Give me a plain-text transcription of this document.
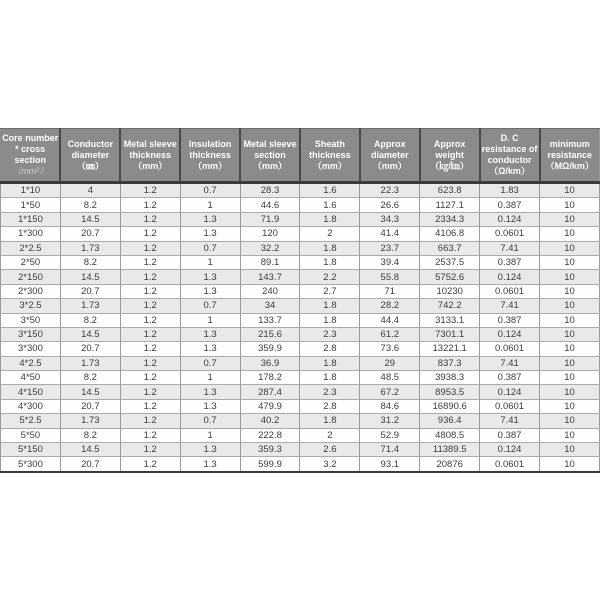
Core number
* cross
section
（mm²）

Conductor
diameter
（㎜）

Metal sleeve
thickness
（mm）

Insulation
thickness
（mm）

Metal sleeve
section
（mm）

Sheath
thickness
（mm）

Approx
diameter
（mm）

Approx
weight
（㎏/㎞）

D. C
resistance of
conductor
（Ω/km）

minimum
resistance
（MΩ/km）

1*10	4	1.2	0.7	28.3	1.6	22.3	623.8	1.83	10
1*50	8.2	1.2	1	44.6	1.6	26.6	1127.1	0.387	10
1*150	14.5	1.2	1.3	71.9	1.8	34.3	2334.3	0.124	10
1*300	20.7	1.2	1.3	120	2	41.4	4106.8	0.0601	10
2*2.5	1.73	1.2	0.7	32.2	1.8	23.7	663.7	7.41	10
2*50	8.2	1.2	1	89.1	1.8	39.4	2537.5	0.387	10
2*150	14.5	1.2	1.3	143.7	2.2	55.8	5752.6	0.124	10
2*300	20.7	1.2	1.3	240	2.7	71	10230	0.0601	10
3*2.5	1.73	1.2	0.7	34	1.8	28.2	742.2	7.41	10
3*50	8.2	1.2	1	133.7	1.8	44.4	3133.1	0.387	10
3*150	14.5	1.2	1.3	215.6	2.3	61.2	7301.1	0.124	10
3*300	20.7	1.2	1.3	359.9	2.8	73.6	13221.1	0.0601	10
4*2.5	1.73	1.2	0.7	36.9	1.8	29	837.3	7.41	10
4*50	8.2	1.2	1	178.2	1.8	48.5	3938.3	0.387	10
4*150	14.5	1.2	1.3	287.4	2.3	67.2	8953.5	0.124	10
4*300	20.7	1.2	1.3	479.9	2.8	84.6	16890.6	0.0601	10
5*2.5	1.73	1.2	0.7	40.2	1.8	31.2	936.4	7.41	10
5*50	8.2	1.2	1	222.8	2	52.9	4808.5	0.387	10
5*150	14.5	1.2	1.3	359.3	2.6	71.4	11389.5	0.124	10
5*300	20.7	1.2	1.3	599.9	3.2	93.1	20876	0.0601	10
